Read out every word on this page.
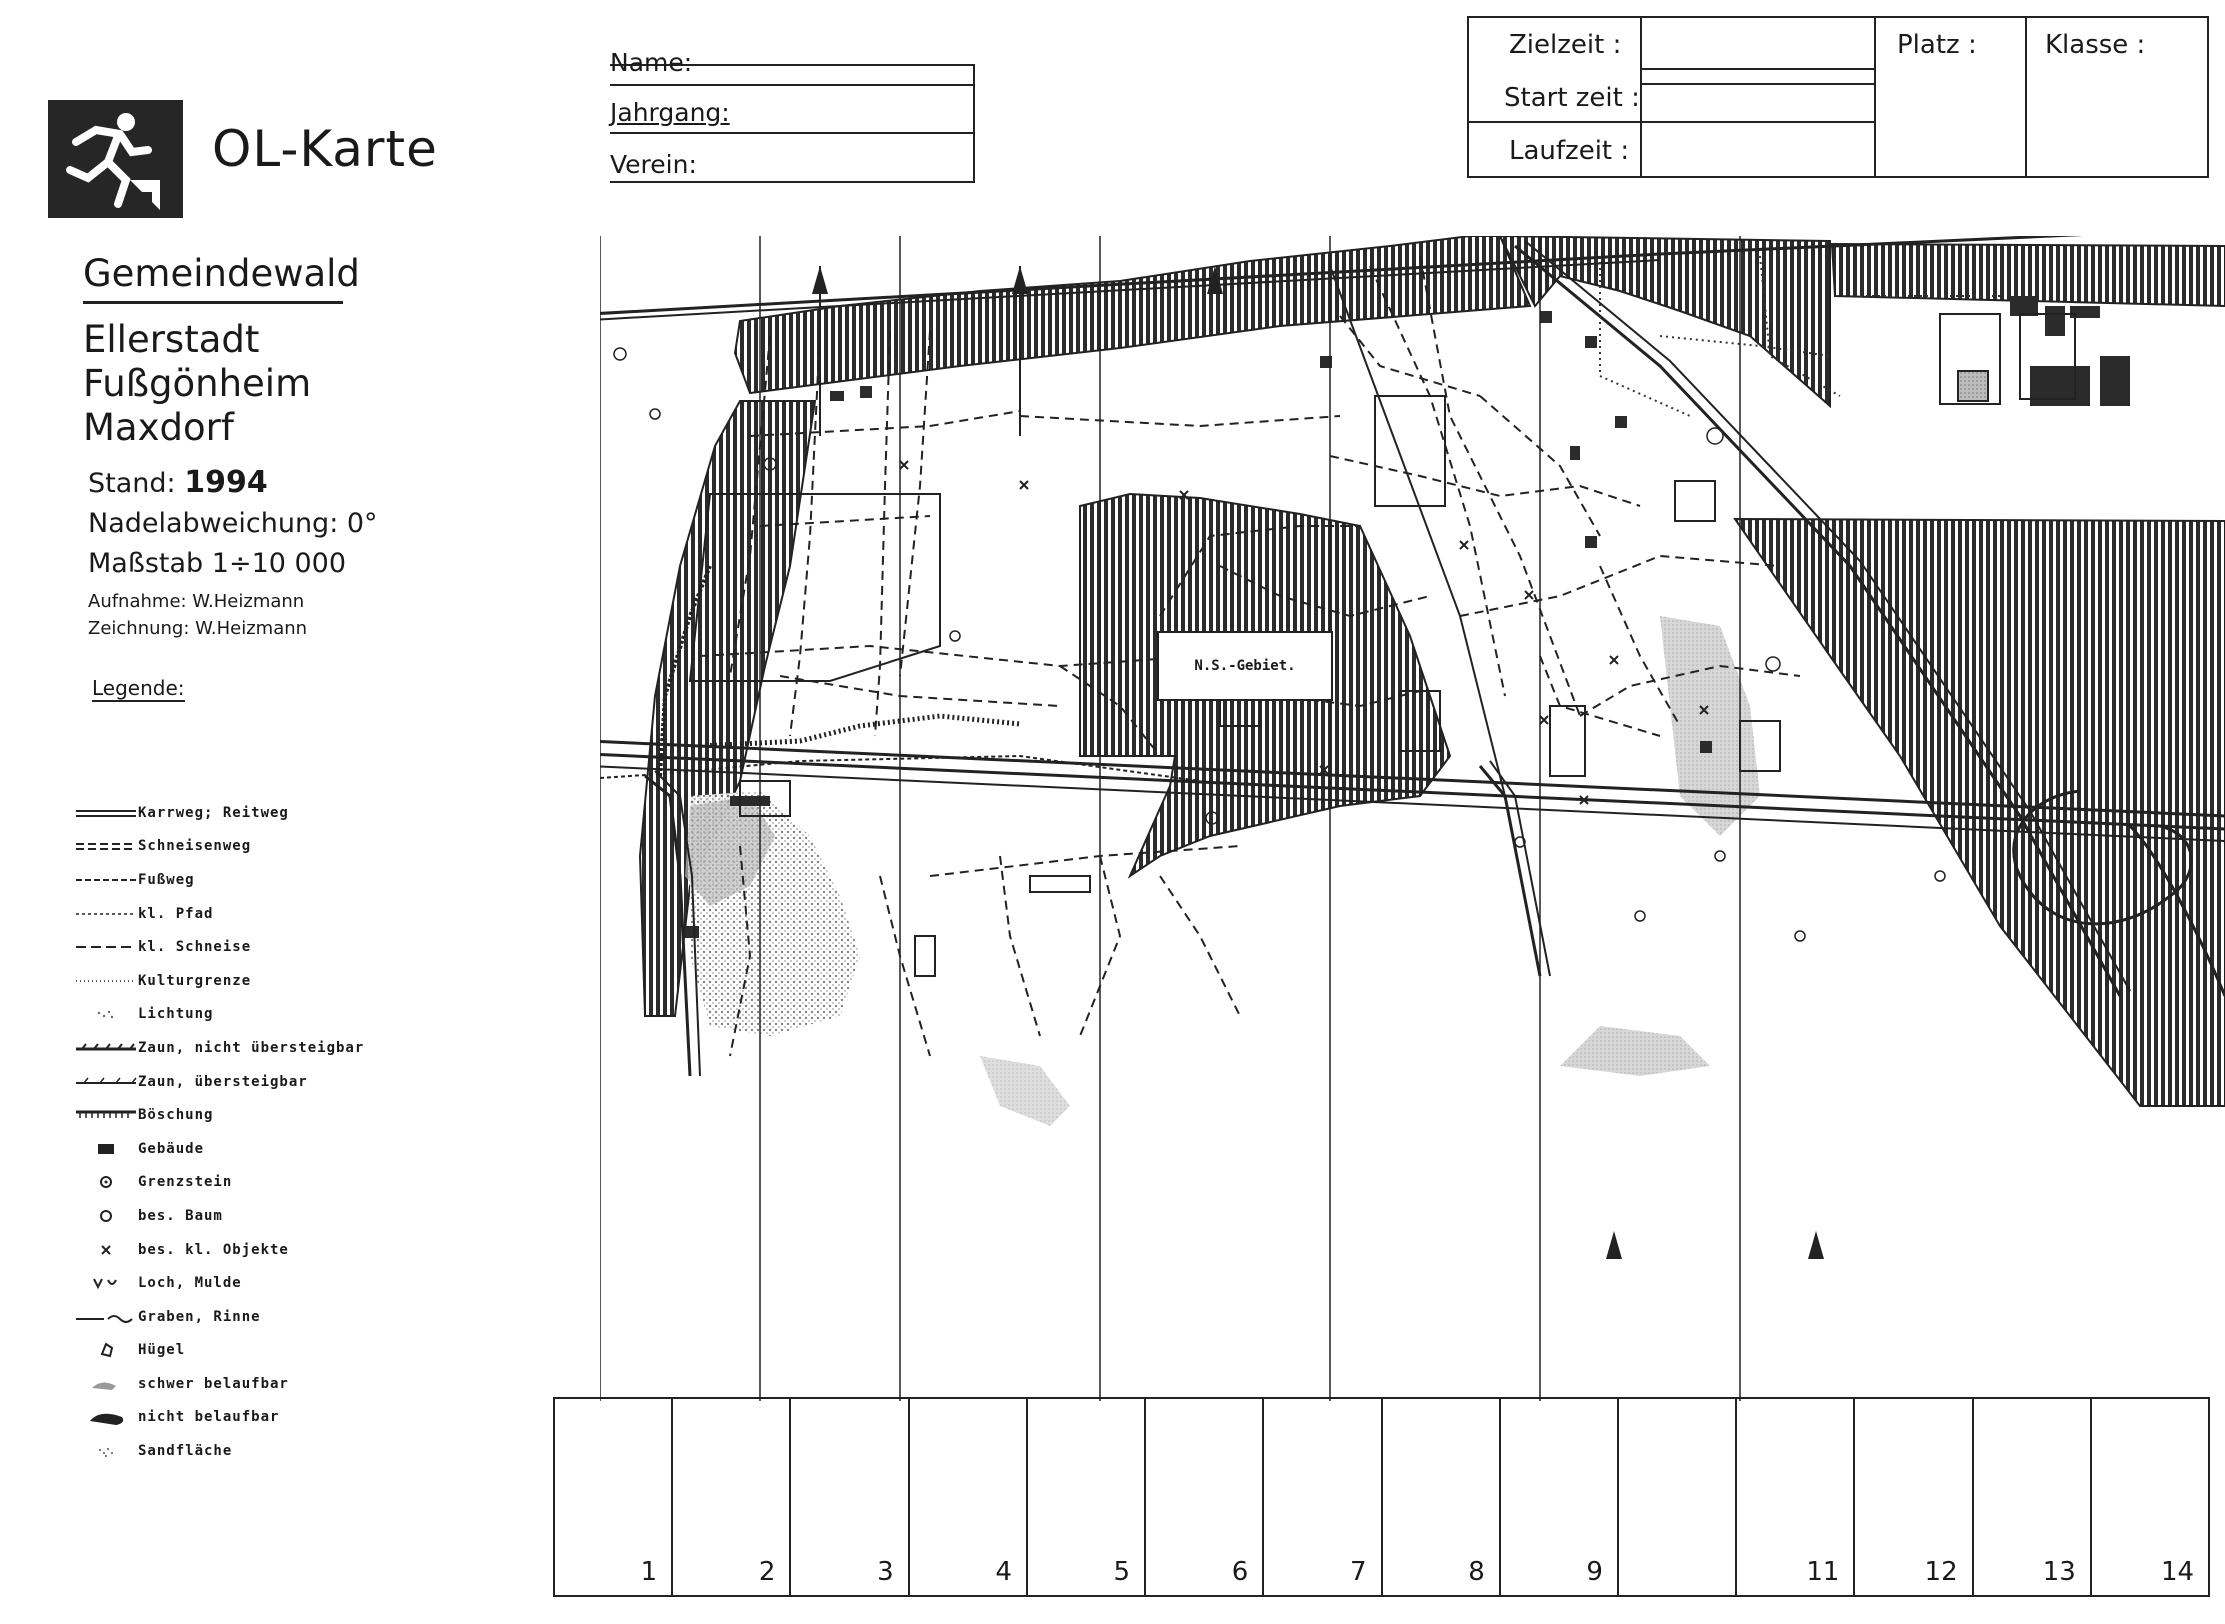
OL-Karte
Name:
Jahrgang:
Verein:
Zielzeit :
Start zeit :
Laufzeit :
Platz :	Klasse :
Gemeindewald
Ellerstadt
Fußgönheim
Maxdorf
Stand: 1994
Nadelabweichung: 0°
Maßstab 1÷10 000
Aufnahme: W.Heizmann
Zeichnung: W.Heizmann
Legende:
Karrweg; Reitweg
Schneisenweg
Fußweg
kl. Pfad
kl. Schneise
Kulturgrenze
Lichtung
Zaun, nicht übersteigbar
Zaun, übersteigbar
Böschung
Gebäude
Grenzstein
bes. Baum
bes. kl. Objekte
Loch, Mulde
Graben, Rinne
Hügel
schwer belaufbar
nicht belaufbar
Sandfläche
N.S.-Gebiet.
1	2	3	4	5	6	7	8	9	11	12	13	14
